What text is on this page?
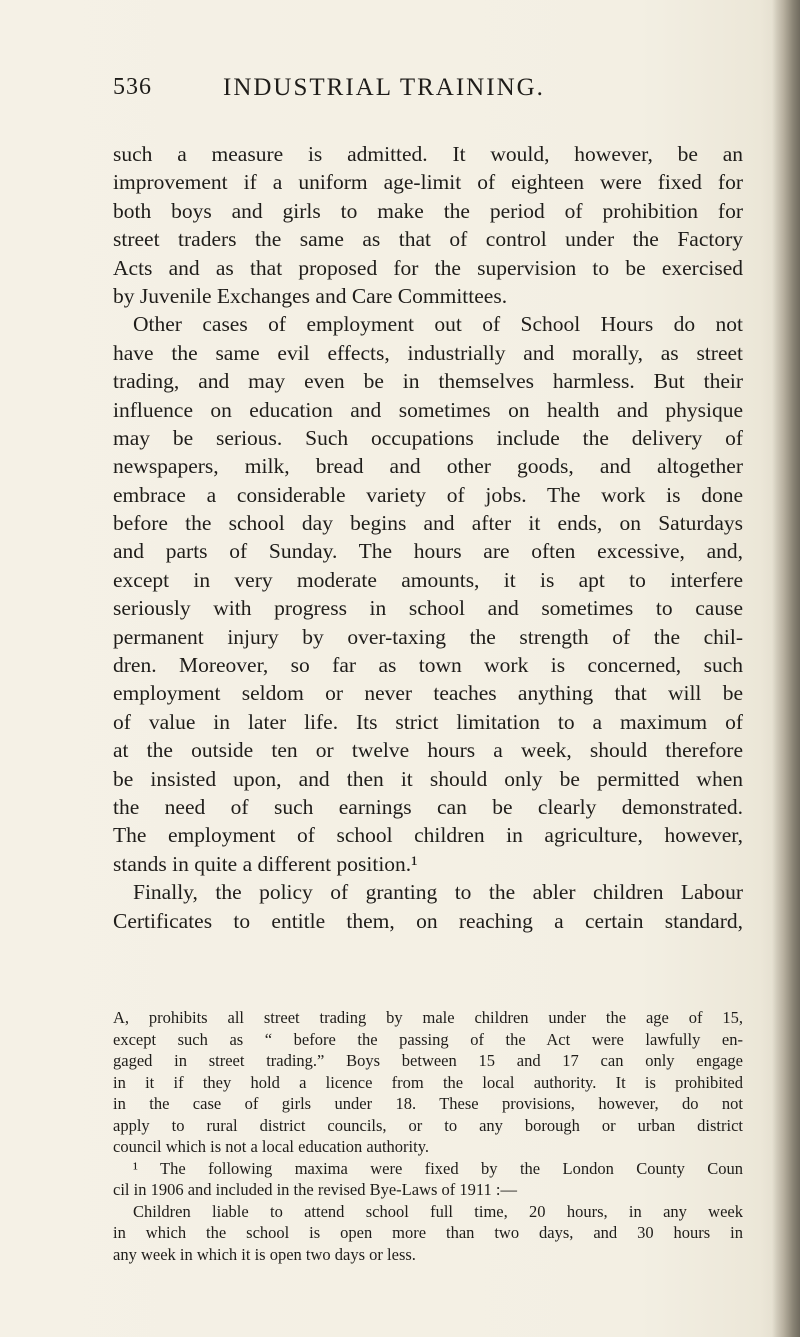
536	INDUSTRIAL TRAINING.
such a measure is admitted. It would, however, be an
improvement if a uniform age-limit of eighteen were fixed for
both boys and girls to make the period of prohibition for
street traders the same as that of control under the Factory
Acts and as that proposed for the supervision to be exercised
by Juvenile Exchanges and Care Committees.
Other cases of employment out of School Hours do not
have the same evil effects, industrially and morally, as street
trading, and may even be in themselves harmless. But their
influence on education and sometimes on health and physique
may be serious. Such occupations include the delivery of
newspapers, milk, bread and other goods, and altogether
embrace a considerable variety of jobs. The work is done
before the school day begins and after it ends, on Saturdays
and parts of Sunday. The hours are often excessive, and,
except in very moderate amounts, it is apt to interfere
seriously with progress in school and sometimes to cause
permanent injury by over-taxing the strength of the chil-
dren. Moreover, so far as town work is concerned, such
employment seldom or never teaches anything that will be
of value in later life. Its strict limitation to a maximum of
at the outside ten or twelve hours a week, should therefore
be insisted upon, and then it should only be permitted when
the need of such earnings can be clearly demonstrated.
The employment of school children in agriculture, however,
stands in quite a different position.¹
Finally, the policy of granting to the abler children Labour
Certificates to entitle them, on reaching a certain standard,
A, prohibits all street trading by male children under the age of 15,
except such as “ before the passing of the Act were lawfully en-
gaged in street trading.” Boys between 15 and 17 can only engage
in it if they hold a licence from the local authority. It is prohibited
in the case of girls under 18. These provisions, however, do not
apply to rural district councils, or to any borough or urban district
council which is not a local education authority.
¹ The following maxima were fixed by the London County Coun
cil in 1906 and included in the revised Bye-Laws of 1911 :—
Children liable to attend school full time, 20 hours, in any week
in which the school is open more than two days, and 30 hours in
any week in which it is open two days or less.
